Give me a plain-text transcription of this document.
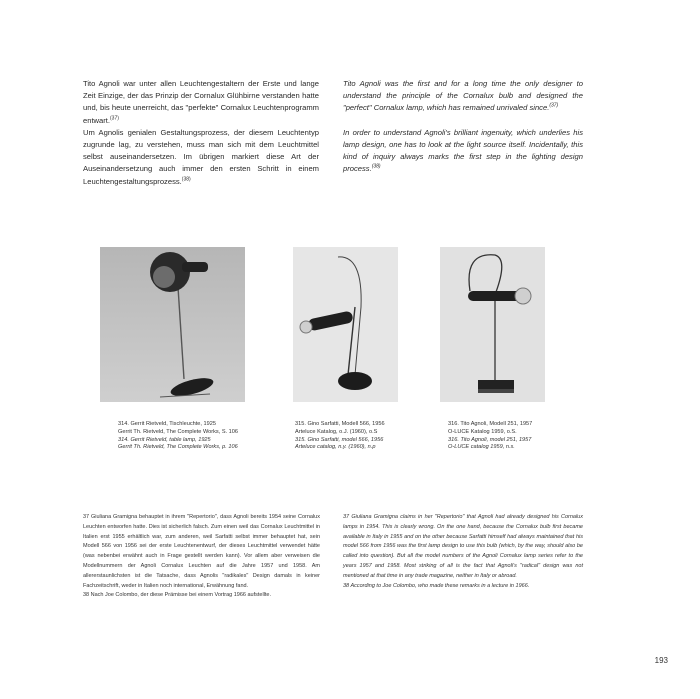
Tito Agnoli war unter allen Leuchtengestaltern der Erste und lange Zeit Einzige, der das Prinzip der Cornalux Glühbirne verstanden hatte und, bis heute unerreicht, das "perfekte" Cornalux Leuchtenprogramm entwart.$^{(37)}$
Um Agnolis genialen Gestaltungsprozess, der diesem Leuchtentyp zugrunde lag, zu verstehen, muss man sich mit dem Leuchtmittel selbst auseinandersetzen. Im übrigen markiert diese Art der Auseinandersetzung auch immer den ersten Schritt in einem Leuchtengestaltungsprozess.$^{(38)}$

Tito Agnoli was the first and for a long time the only designer to understand the principle of the Cornalux bulb and designed the "perfect" Cornalux lamp, which has remained unrivaled since.$^{(37)}$

In order to understand Agnoli's brilliant ingenuity, which underlies his lamp design, one has to look at the light source itself. Incidentally, this kind of inquiry always marks the first step in the lighting design process.$^{(38)}$

314. Gerrit Rietveld, Tischleuchte, 1925
Gerrit Th. Rietveld, The Complete Works, S. 106
314. Gerrit Rietveld, table lamp, 1925
Gerrit Th. Rietveld, The Complete Works, p. 106
315. Gino Sarfatti, Modell 566, 1956
Arteluce Katalog, o.J. (1960), o.S
315. Gino Sarfatti, model 566, 1956
Arteluce catalog, n.y. (1960), n.p
316. Tito Agnoli, Modell 251, 1957
O-LUCE Katalog 1959, o.S.
316. Tito Agnoli, model 251, 1957
O-LUCE catalog 1959, n.s.

37 Giuliana Gramigna behauptet in ihrem "Repertorio", dass Agnoli bereits 1954 seine Cornalux Leuchten entworfen hatte. Dies ist sicherlich falsch. Zum einen weil das Cornalux Leuchtmittel in Italien erst 1955 erhältlich war, zum anderen, weil Sarfatti selbst immer behauptet hat, sein Modell 566 von 1956 sei der erste Leuchtenentwurf, der dieses Leuchtmittel verwendet hätte (was nebenbei erwähnt auch in Frage gestellt werden kann). Vor allem aber verweisen die Modellnummern der Agnoli Cornalux Leuchten auf die Jahre 1957 und 1958. Am allererstaunlichsten ist die Tatsache, dass Agnolis "radikales" Design damals in keiner Fachzeitschrift, weder in Italien noch international, Erwähnung fand.

38 Nach Joe Colombo, der diese Prämisse bei einem Vortrag 1966 aufstellte.

37 Giuliana Gramigna claims in her "Repertorio" that Agnoli had already designed his Cornalux lamps in 1954. This is clearly wrong. On the one hand, because the Cornalux bulb first became available in Italy in 1955 and on the other because Sarfatti himself had always maintained that his model 566 from 1956 was the first lamp design to use this bulb (which, by the way, should also be called into question). But all the model numbers of the Agnoli Cornalux lamp series refer to the years 1957 and 1958. Most striking of all is the fact that Agnoli's "radical" design was not mentioned at that time in any trade magazine, neither in Italy or abroad.

38 According to Joe Colombo, who made these remarks in a lecture in 1966.

193
